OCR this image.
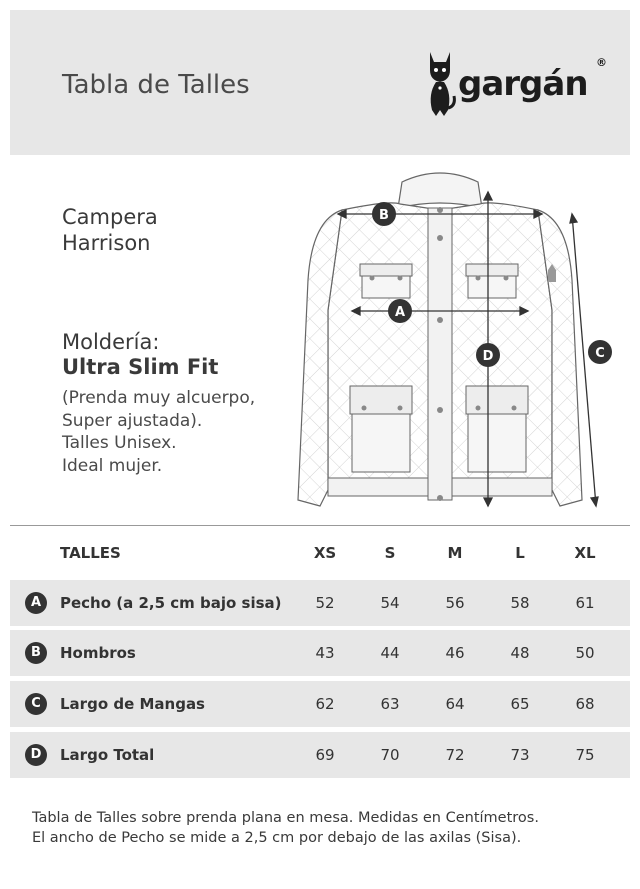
Tabla de Talles	gargán
®
Campera
Harrison
Moldería:
Ultra Slim Fit
(Prenda muy alcuerpo,
Super ajustada).
Talles Unisex.
Ideal mujer.
B
A
D	C
TALLES	XS	S	M	L	XL
A	Pecho (a 2,5 cm bajo sisa)	52	54	56	58	61
B	Hombros	43	44	46	48	50
C	Largo de Mangas	62	63	64	65	68
D	Largo Total	69	70	72	73	75
Tabla de Talles sobre prenda plana en mesa. Medidas en Centímetros.
El ancho de Pecho se mide a 2,5 cm por debajo de las axilas (Sisa).
